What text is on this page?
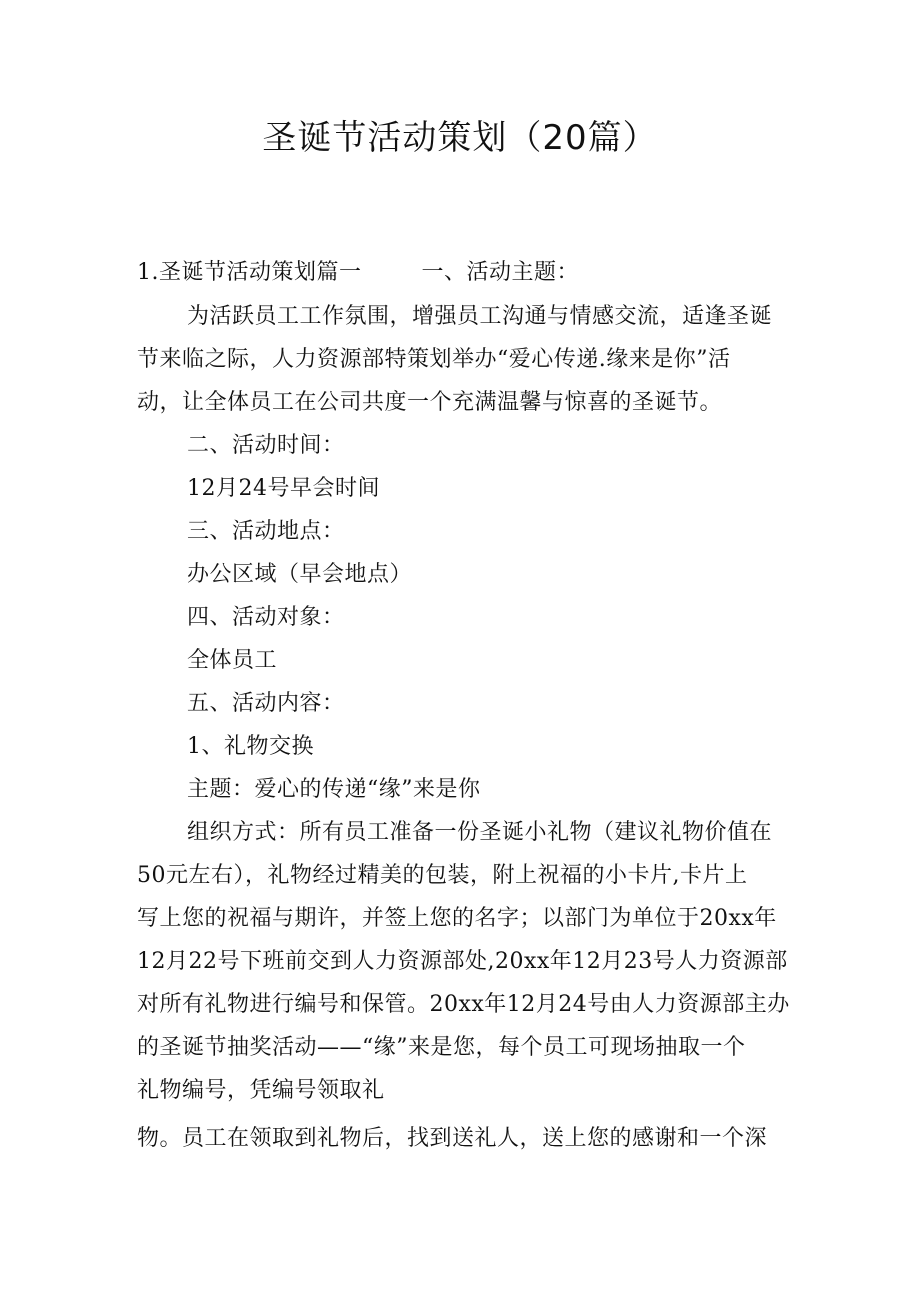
圣诞节活动策划（20篇）
1.圣诞节活动策划篇一	一、活动主题：
为活跃员工工作氛围，增强员工沟通与情感交流，适逢圣诞
节来临之际，人力资源部特策划举办“爱心传递.缘来是你”活
动，让全体员工在公司共度一个充满温馨与惊喜的圣诞节。
二、活动时间：
12月24号早会时间
三、活动地点：
办公区域（早会地点）
四、活动对象：
全体员工
五、活动内容：
1、礼物交换
主题：爱心的传递“缘”来是你
组织方式：所有员工准备一份圣诞小礼物（建议礼物价值在
50元左右），礼物经过精美的包装，附上祝福的小卡片,卡片上
写上您的祝福与期许，并签上您的名字；以部门为单位于20xx年
12月22号下班前交到人力资源部处,20xx年12月23号人力资源部
对所有礼物进行编号和保管。20xx年12月24号由人力资源部主办
的圣诞节抽奖活动——“缘”来是您，每个员工可现场抽取一个
礼物编号，凭编号领取礼
物。员工在领取到礼物后，找到送礼人，送上您的感谢和一个深
